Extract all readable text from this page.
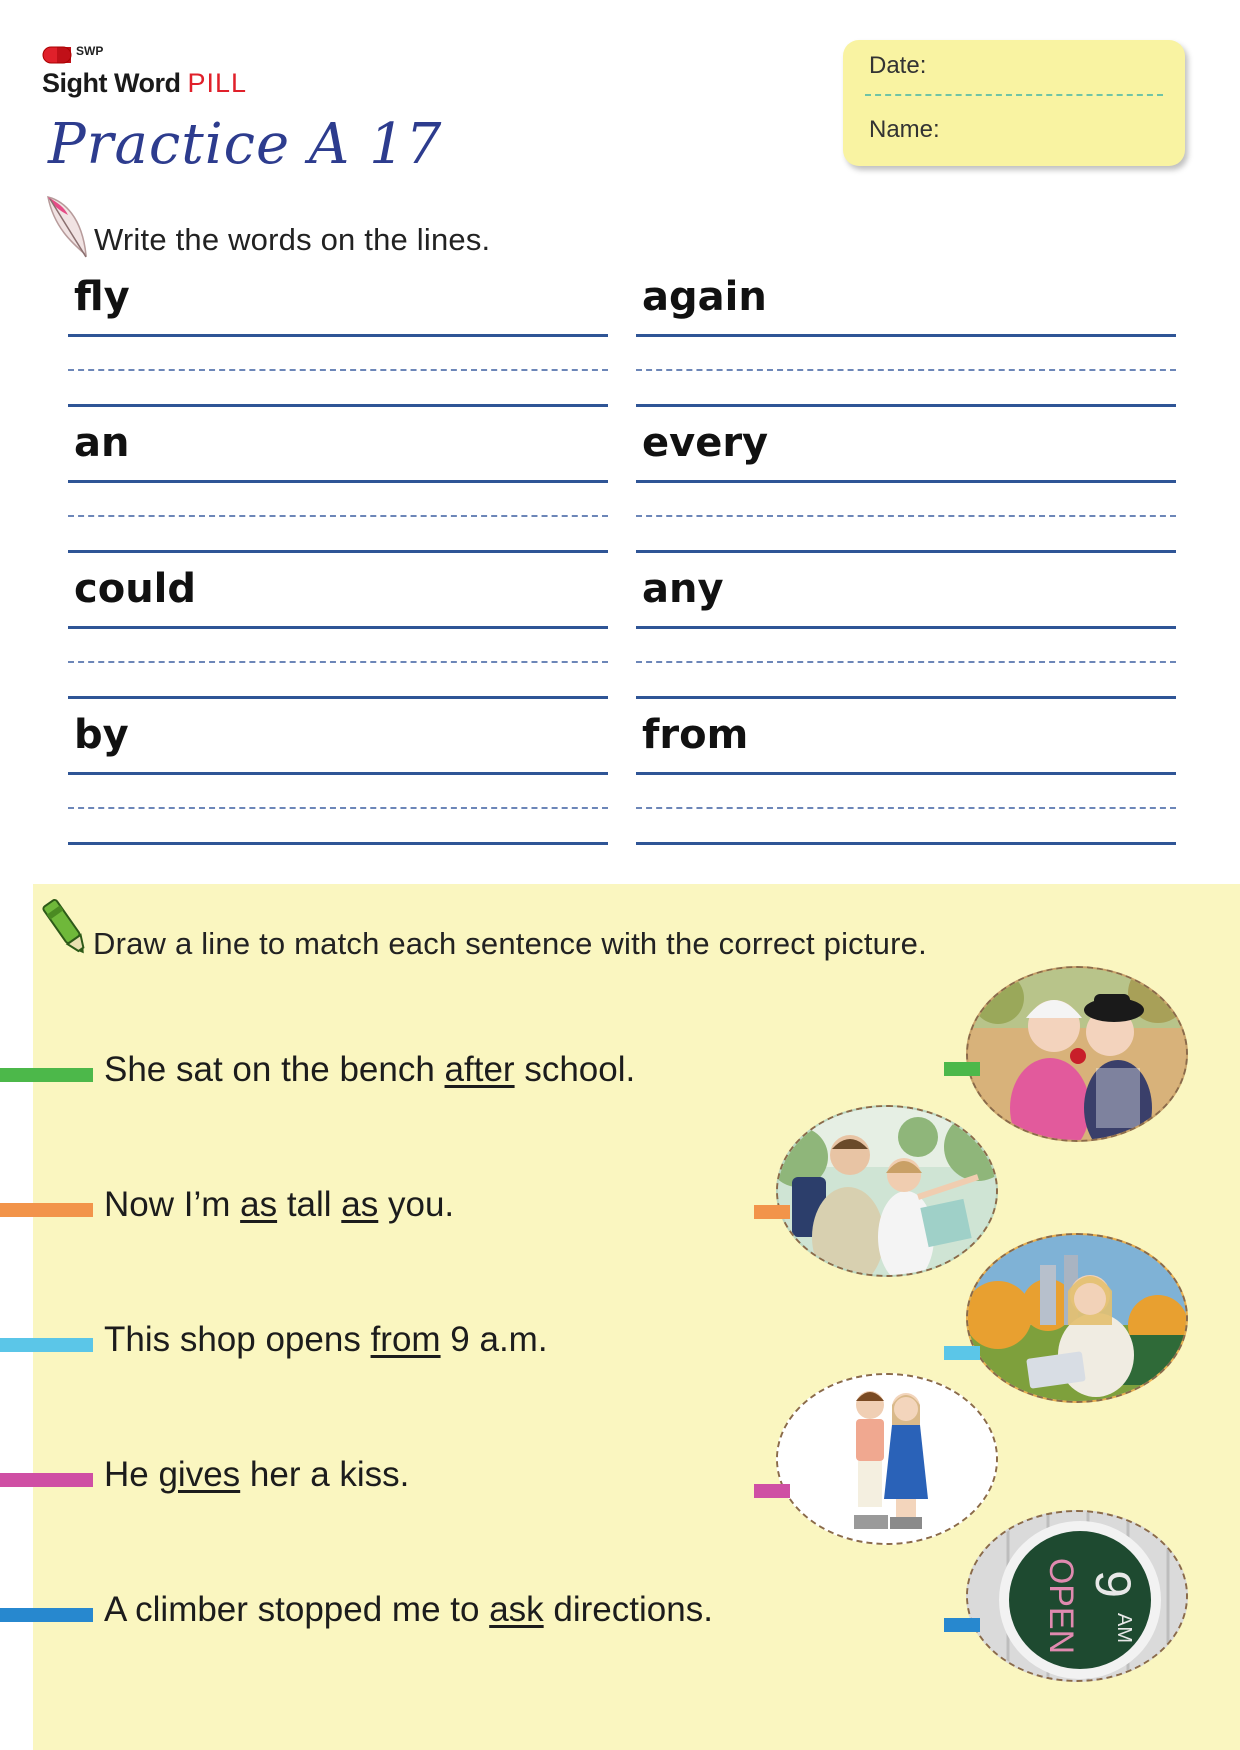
SWP
Sight Word PILL
Practice A 17
Date:
Name:
Write the words on the lines.
fly	again
an	every
could	any
by	from
Draw a line to match each sentence with the correct picture.
She sat on the bench after school.
Now I’m as tall as you.
This shop opens from 9 a.m.
He gives her a kiss.
A climber stopped me to ask directions.	OPEN 9
AM
